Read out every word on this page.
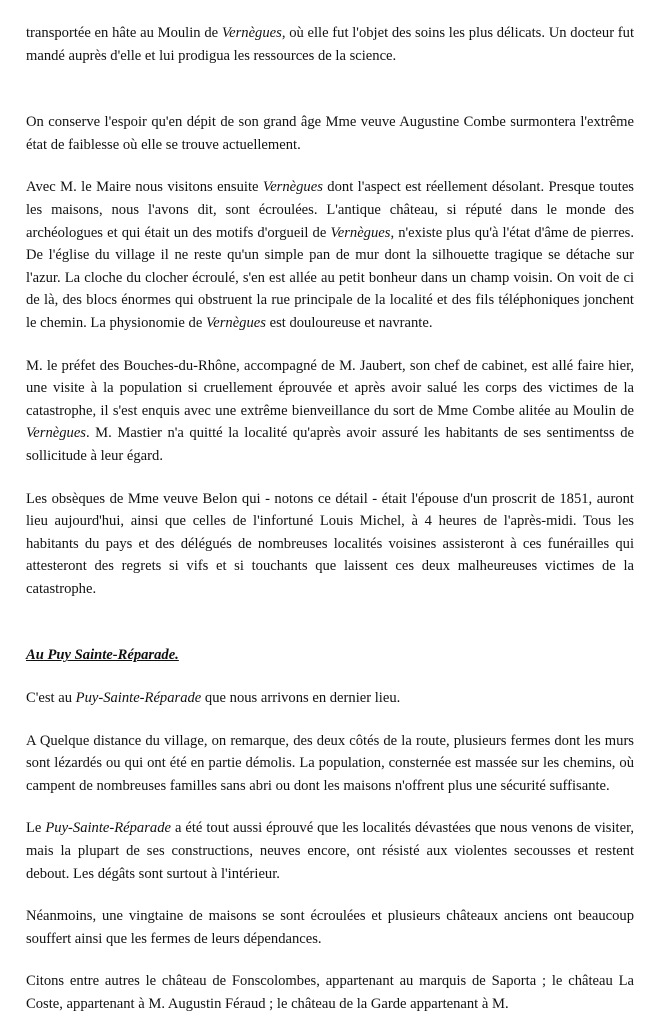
transportée en hâte au Moulin de Vernègues, où elle fut l'objet des soins les plus délicats. Un docteur fut mandé auprès d'elle et lui prodigua les ressources de la science.

On conserve l'espoir qu'en dépit de son grand âge Mme veuve Augustine Combe surmontera l'extrême état de faiblesse où elle se trouve actuellement.

Avec M. le Maire nous visitons ensuite Vernègues dont l'aspect est réellement désolant. Presque toutes les maisons, nous l'avons dit, sont écroulées. L'antique château, si réputé dans le monde des archéologues et qui était un des motifs d'orgueil de Vernègues, n'existe plus qu'à l'état d'âme de pierres. De l'église du village il ne reste qu'un simple pan de mur dont la silhouette tragique se détache sur l'azur. La cloche du clocher écroulé, s'en est allée au petit bonheur dans un champ voisin. On voit de ci de là, des blocs énormes qui obstruent la rue principale de la localité et des fils téléphoniques jonchent le chemin. La physionomie de Vernègues est douloureuse et navrante.

M. le préfet des Bouches-du-Rhône, accompagné de M. Jaubert, son chef de cabinet, est allé faire hier, une visite à la population si cruellement éprouvée et après avoir salué les corps des victimes de la catastrophe, il s'est enquis avec une extrême bienveillance du sort de Mme Combe alitée au Moulin de Vernègues. M. Mastier n'a quitté la localité qu'après avoir assuré les habitants de ses sentimentss de sollicitude à leur égard.

Les obsèques de Mme veuve Belon qui - notons ce détail - était l'épouse d'un proscrit de 1851, auront lieu aujourd'hui, ainsi que celles de l'infortuné Louis Michel, à 4 heures de l'après-midi. Tous les habitants du pays et des délégués de nombreuses localités voisines assisteront à ces funérailles qui attesteront des regrets si vifs et si touchants que laissent ces deux malheureuses victimes de la catastrophe.

Au Puy Sainte-Réparade.

C'est au Puy-Sainte-Réparade que nous arrivons en dernier lieu.

A Quelque distance du village, on remarque, des deux côtés de la route, plusieurs fermes dont les murs sont lézardés ou qui ont été en partie démolis. La population, consternée est massée sur les chemins, où campent de nombreuses familles sans abri ou dont les maisons n'offrent plus une sécurité suffisante.

Le Puy-Sainte-Réparade a été tout aussi éprouvé que les localités dévastées que nous venons de visiter, mais la plupart de ses constructions, neuves encore, ont résisté aux violentes secousses et restent debout. Les dégâts sont surtout à l'intérieur.

Néanmoins, une vingtaine de maisons se sont écroulées et plusieurs châteaux anciens ont beaucoup souffert ainsi que les fermes de leurs dépendances.

Citons entre autres le château de Fonscolombes, appartenant au marquis de Saporta ; le château La Coste, appartenant à M. Augustin Féraud ; le château de la Garde appartenant à M.
